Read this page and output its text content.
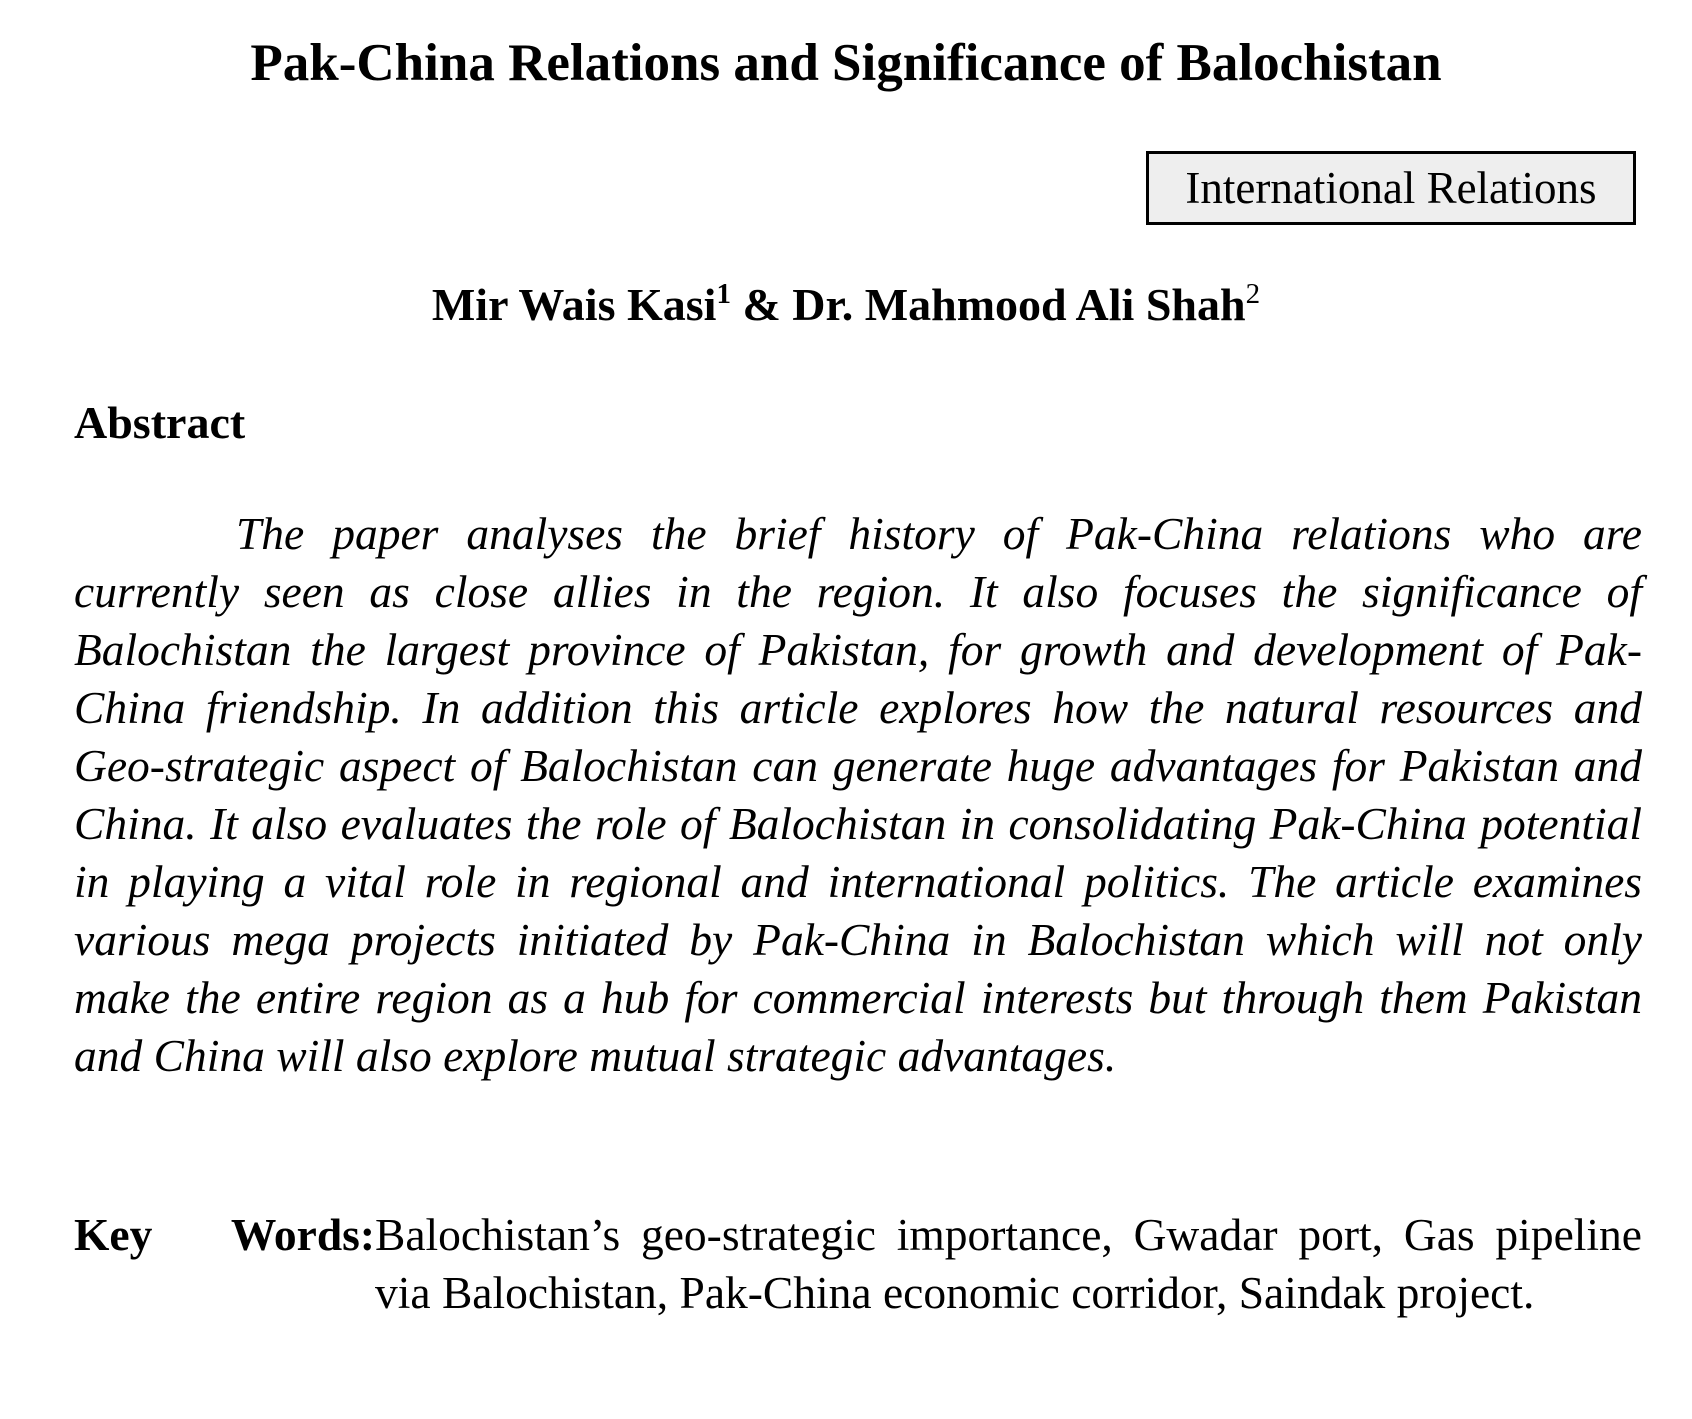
Pak-China Relations and Significance of Balochistan
International Relations
Mir Wais Kasi$^1$ & Dr. Mahmood Ali Shah$^2$
Abstract

The paper analyses the brief history of Pak-China relations who are currently seen as close allies in the region. It also focuses the significance of Balochistan the largest province of Pakistan, for growth and development of Pak-China friendship. In addition this article explores how the natural resources and Geo-strategic aspect of Balochistan can generate huge advantages for Pakistan and China. It also evaluates the role of Balochistan in consolidating Pak-China potential in playing a vital role in regional and international politics. The article examines various mega projects initiated by Pak-China in Balochistan which will not only make the entire region as a hub for commercial interests but through them Pakistan and China will also explore mutual strategic advantages.

Key Words: Balochistan’s geo-strategic importance, Gwadar port, Gas pipeline via Balochistan, Pak-China economic corridor, Saindak project.
